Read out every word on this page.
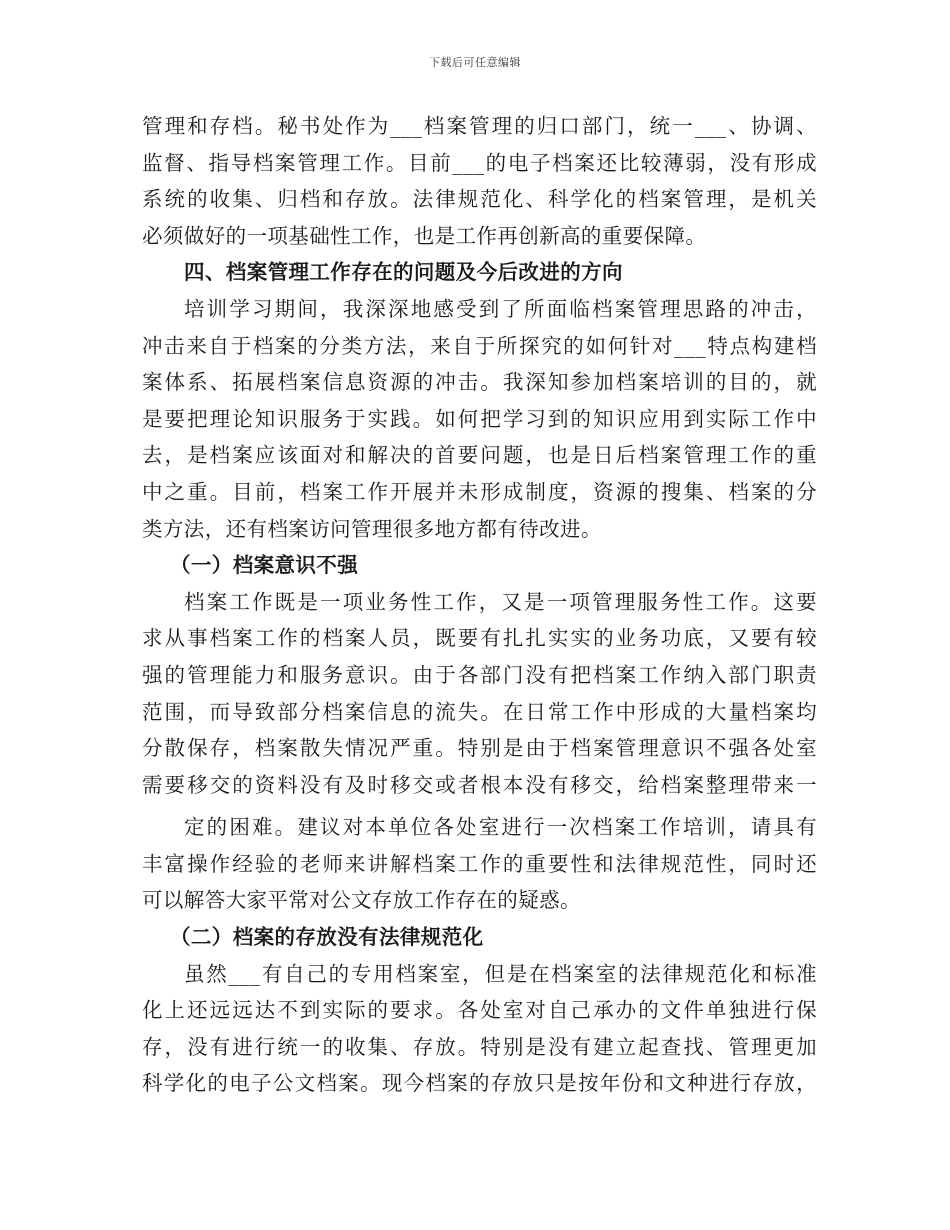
下载后可任意编辑
管理和存档。秘书处作为___档案管理的归口部门，统一___、协调、
监督、指导档案管理工作。目前___的电子档案还比较薄弱，没有形成
系统的收集、归档和存放。法律规范化、科学化的档案管理，是机关
必须做好的一项基础性工作，也是工作再创新高的重要保障。
四、档案管理工作存在的问题及今后改进的方向
培训学习期间，我深深地感受到了所面临档案管理思路的冲击，
冲击来自于档案的分类方法，来自于所探究的如何针对___特点构建档
案体系、拓展档案信息资源的冲击。我深知参加档案培训的目的，就
是要把理论知识服务于实践。如何把学习到的知识应用到实际工作中
去，是档案应该面对和解决的首要问题，也是日后档案管理工作的重
中之重。目前，档案工作开展并未形成制度，资源的搜集、档案的分
类方法，还有档案访问管理很多地方都有待改进。
（一）档案意识不强
档案工作既是一项业务性工作，又是一项管理服务性工作。这要
求从事档案工作的档案人员，既要有扎扎实实的业务功底，又要有较
强的管理能力和服务意识。由于各部门没有把档案工作纳入部门职责
范围，而导致部分档案信息的流失。在日常工作中形成的大量档案均
分散保存，档案散失情况严重。特别是由于档案管理意识不强各处室
需要移交的资料没有及时移交或者根本没有移交，给档案整理带来一
定的困难。建议对本单位各处室进行一次档案工作培训，请具有
丰富操作经验的老师来讲解档案工作的重要性和法律规范性，同时还
可以解答大家平常对公文存放工作存在的疑惑。
（二）档案的存放没有法律规范化
虽然___有自己的专用档案室，但是在档案室的法律规范化和标准
化上还远远达不到实际的要求。各处室对自己承办的文件单独进行保
存，没有进行统一的收集、存放。特别是没有建立起查找、管理更加
科学化的电子公文档案。现今档案的存放只是按年份和文种进行存放，
